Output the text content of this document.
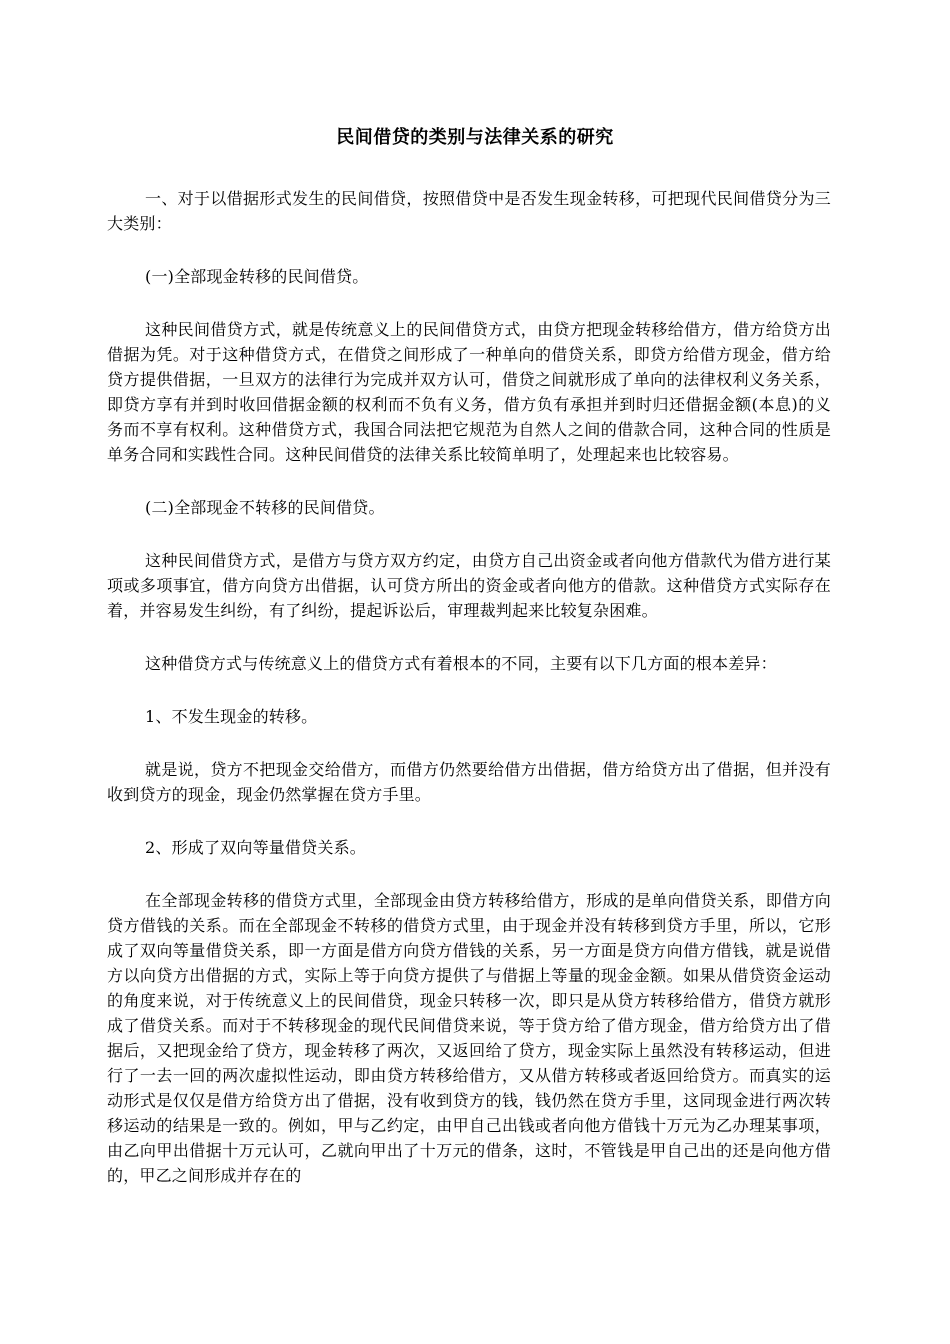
民间借贷的类别与法律关系的研究

一、对于以借据形式发生的民间借贷，按照借贷中是否发生现金转移，可把现代民间借贷分为三大类别：

(一)全部现金转移的民间借贷。

这种民间借贷方式，就是传统意义上的民间借贷方式，由贷方把现金转移给借方，借方给贷方出借据为凭。对于这种借贷方式，在借贷之间形成了一种单向的借贷关系，即贷方给借方现金，借方给贷方提供借据，一旦双方的法律行为完成并双方认可，借贷之间就形成了单向的法律权利义务关系，即贷方享有并到时收回借据金额的权利而不负有义务，借方负有承担并到时归还借据金额(本息)的义务而不享有权利。这种借贷方式，我国合同法把它规范为自然人之间的借款合同，这种合同的性质是单务合同和实践性合同。这种民间借贷的法律关系比较简单明了，处理起来也比较容易。

(二)全部现金不转移的民间借贷。

这种民间借贷方式，是借方与贷方双方约定，由贷方自己出资金或者向他方借款代为借方进行某项或多项事宜，借方向贷方出借据，认可贷方所出的资金或者向他方的借款。这种借贷方式实际存在着，并容易发生纠纷，有了纠纷，提起诉讼后，审理裁判起来比较复杂困难。

这种借贷方式与传统意义上的借贷方式有着根本的不同，主要有以下几方面的根本差异：

1、不发生现金的转移。

就是说，贷方不把现金交给借方，而借方仍然要给借方出借据，借方给贷方出了借据，但并没有收到贷方的现金，现金仍然掌握在贷方手里。

2、形成了双向等量借贷关系。

在全部现金转移的借贷方式里，全部现金由贷方转移给借方，形成的是单向借贷关系，即借方向贷方借钱的关系。而在全部现金不转移的借贷方式里，由于现金并没有转移到贷方手里，所以，它形成了双向等量借贷关系，即一方面是借方向贷方借钱的关系，另一方面是贷方向借方借钱，就是说借方以向贷方出借据的方式，实际上等于向贷方提供了与借据上等量的现金金额。如果从借贷资金运动的角度来说，对于传统意义上的民间借贷，现金只转移一次，即只是从贷方转移给借方，借贷方就形成了借贷关系。而对于不转移现金的现代民间借贷来说，等于贷方给了借方现金，借方给贷方出了借据后，又把现金给了贷方，现金转移了两次，又返回给了贷方，现金实际上虽然没有转移运动，但进行了一去一回的两次虚拟性运动，即由贷方转移给借方，又从借方转移或者返回给贷方。而真实的运动形式是仅仅是借方给贷方出了借据，没有收到贷方的钱，钱仍然在贷方手里，这同现金进行两次转移运动的结果是一致的。例如，甲与乙约定，由甲自己出钱或者向他方借钱十万元为乙办理某事项，由乙向甲出借据十万元认可，乙就向甲出了十万元的借条，这时，不管钱是甲自己出的还是向他方借的，甲乙之间形成并存在的
